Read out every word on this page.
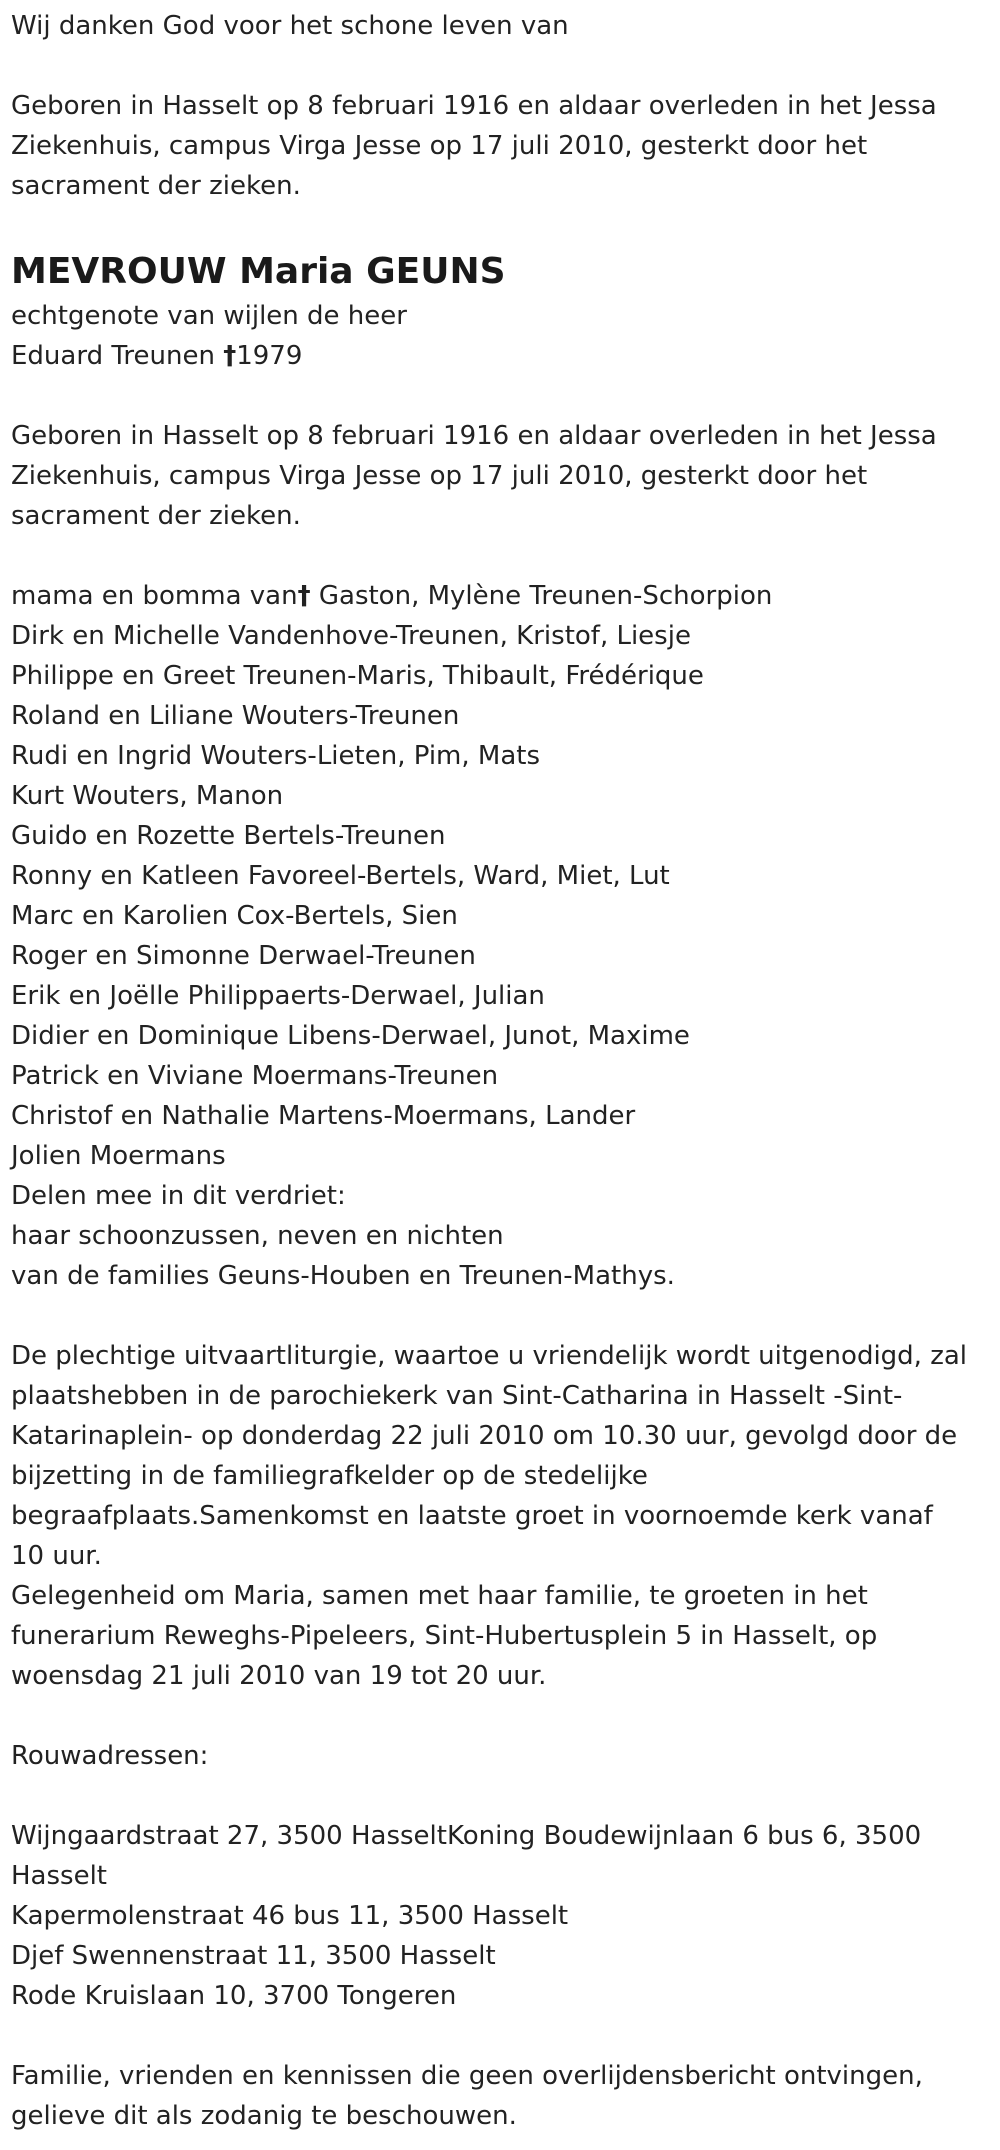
Wij danken God voor het schone leven van
Geboren in Hasselt op 8 februari 1916 en aldaar overleden in het Jessa
Ziekenhuis, campus Virga Jesse op 17 juli 2010, gesterkt door het
sacrament der zieken.
MEVROUW Maria GEUNS
echtgenote van wijlen de heer
Eduard Treunen †1979
Geboren in Hasselt op 8 februari 1916 en aldaar overleden in het Jessa
Ziekenhuis, campus Virga Jesse op 17 juli 2010, gesterkt door het
sacrament der zieken.
mama en bomma van† Gaston, Mylène Treunen-Schorpion
Dirk en Michelle Vandenhove-Treunen, Kristof, Liesje
Philippe en Greet Treunen-Maris, Thibault, Frédérique
Roland en Liliane Wouters-Treunen
Rudi en Ingrid Wouters-Lieten, Pim, Mats
Kurt Wouters, Manon
Guido en Rozette Bertels-Treunen
Ronny en Katleen Favoreel-Bertels, Ward, Miet, Lut
Marc en Karolien Cox-Bertels, Sien
Roger en Simonne Derwael-Treunen
Erik en Joëlle Philippaerts-Derwael, Julian
Didier en Dominique Libens-Derwael, Junot, Maxime
Patrick en Viviane Moermans-Treunen
Christof en Nathalie Martens-Moermans, Lander
Jolien Moermans
Delen mee in dit verdriet:
haar schoonzussen, neven en nichten
van de families Geuns-Houben en Treunen-Mathys.
De plechtige uitvaartliturgie, waartoe u vriendelijk wordt uitgenodigd, zal
plaatshebben in de parochiekerk van Sint-Catharina in Hasselt -Sint-
Katarinaplein- op donderdag 22 juli 2010 om 10.30 uur, gevolgd door de
bijzetting in de familiegrafkelder op de stedelijke
begraafplaats.Samenkomst en laatste groet in voornoemde kerk vanaf
10 uur.
Gelegenheid om Maria, samen met haar familie, te groeten in het
funerarium Reweghs-Pipeleers, Sint-Hubertusplein 5 in Hasselt, op
woensdag 21 juli 2010 van 19 tot 20 uur.
Rouwadressen:
Wijngaardstraat 27, 3500 HasseltKoning Boudewijnlaan 6 bus 6, 3500
Hasselt
Kapermolenstraat 46 bus 11, 3500 Hasselt
Djef Swennenstraat 11, 3500 Hasselt
Rode Kruislaan 10, 3700 Tongeren
Familie, vrienden en kennissen die geen overlijdensbericht ontvingen,
gelieve dit als zodanig te beschouwen.
